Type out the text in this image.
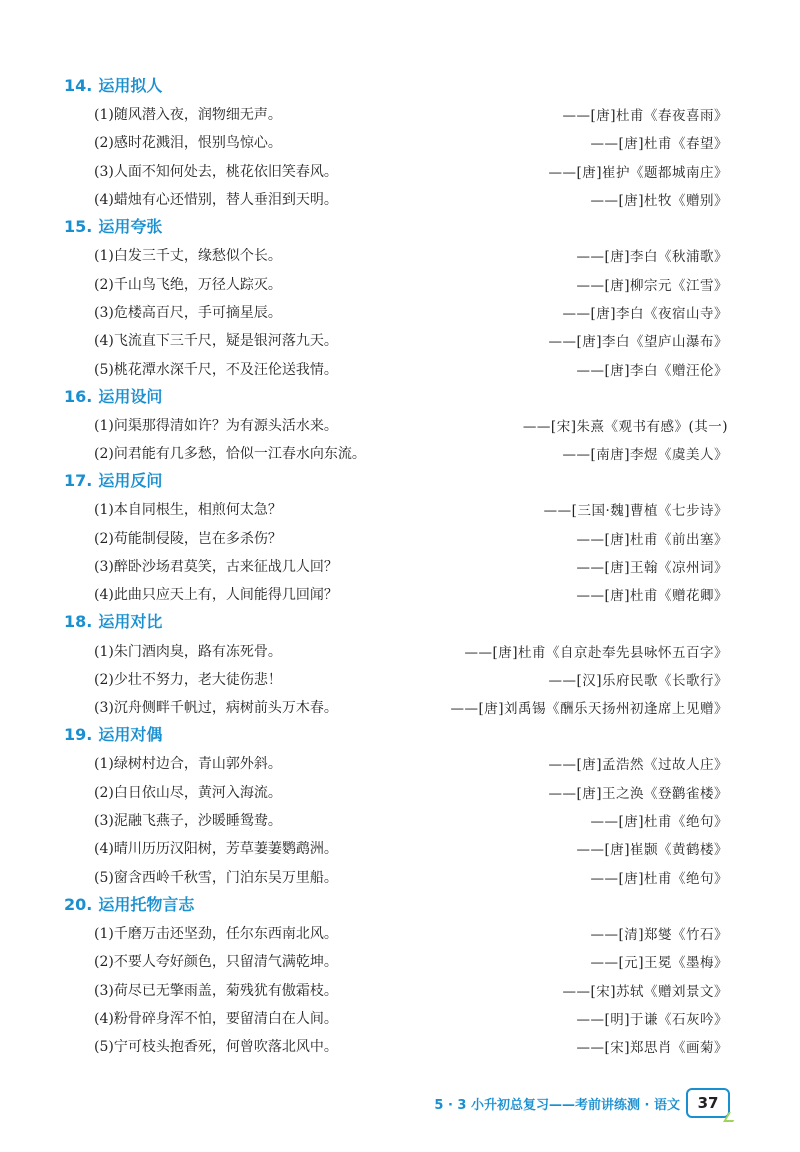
14. 运用拟人
(1)随风潜入夜，润物细无声。	——[唐]杜甫《春夜喜雨》
(2)感时花溅泪，恨别鸟惊心。	——[唐]杜甫《春望》
(3)人面不知何处去，桃花依旧笑春风。	——[唐]崔护《题都城南庄》
(4)蜡烛有心还惜别，替人垂泪到天明。	——[唐]杜牧《赠别》
15. 运用夸张
(1)白发三千丈，缘愁似个长。	——[唐]李白《秋浦歌》
(2)千山鸟飞绝，万径人踪灭。	——[唐]柳宗元《江雪》
(3)危楼高百尺，手可摘星辰。	——[唐]李白《夜宿山寺》
(4)飞流直下三千尺，疑是银河落九天。	——[唐]李白《望庐山瀑布》
(5)桃花潭水深千尺，不及汪伦送我情。	——[唐]李白《赠汪伦》
16. 运用设问
(1)问渠那得清如许？为有源头活水来。	——[宋]朱熹《观书有感》(其一)
(2)问君能有几多愁，恰似一江春水向东流。	——[南唐]李煜《虞美人》
17. 运用反问
(1)本自同根生，相煎何太急？	——[三国·魏]曹植《七步诗》
(2)苟能制侵陵，岂在多杀伤？	——[唐]杜甫《前出塞》
(3)醉卧沙场君莫笑，古来征战几人回？	——[唐]王翰《凉州词》
(4)此曲只应天上有，人间能得几回闻？	——[唐]杜甫《赠花卿》
18. 运用对比
(1)朱门酒肉臭，路有冻死骨。	——[唐]杜甫《自京赴奉先县咏怀五百字》
(2)少壮不努力，老大徒伤悲！	——[汉]乐府民歌《长歌行》
(3)沉舟侧畔千帆过，病树前头万木春。	——[唐]刘禹锡《酬乐天扬州初逢席上见赠》
19. 运用对偶
(1)绿树村边合，青山郭外斜。	——[唐]孟浩然《过故人庄》
(2)白日依山尽，黄河入海流。	——[唐]王之涣《登鹳雀楼》
(3)泥融飞燕子，沙暖睡鸳鸯。	——[唐]杜甫《绝句》
(4)晴川历历汉阳树，芳草萋萋鹦鹉洲。	——[唐]崔颢《黄鹤楼》
(5)窗含西岭千秋雪，门泊东吴万里船。	——[唐]杜甫《绝句》
20. 运用托物言志
(1)千磨万击还坚劲，任尔东西南北风。	——[清]郑燮《竹石》
(2)不要人夸好颜色，只留清气满乾坤。	——[元]王冕《墨梅》
(3)荷尽已无擎雨盖，菊残犹有傲霜枝。	——[宋]苏轼《赠刘景文》
(4)粉骨碎身浑不怕，要留清白在人间。	——[明]于谦《石灰吟》
(5)宁可枝头抱香死，何曾吹落北风中。	——[宋]郑思肖《画菊》
5 · 3 小升初总复习——考前讲练测 · 语文	37
